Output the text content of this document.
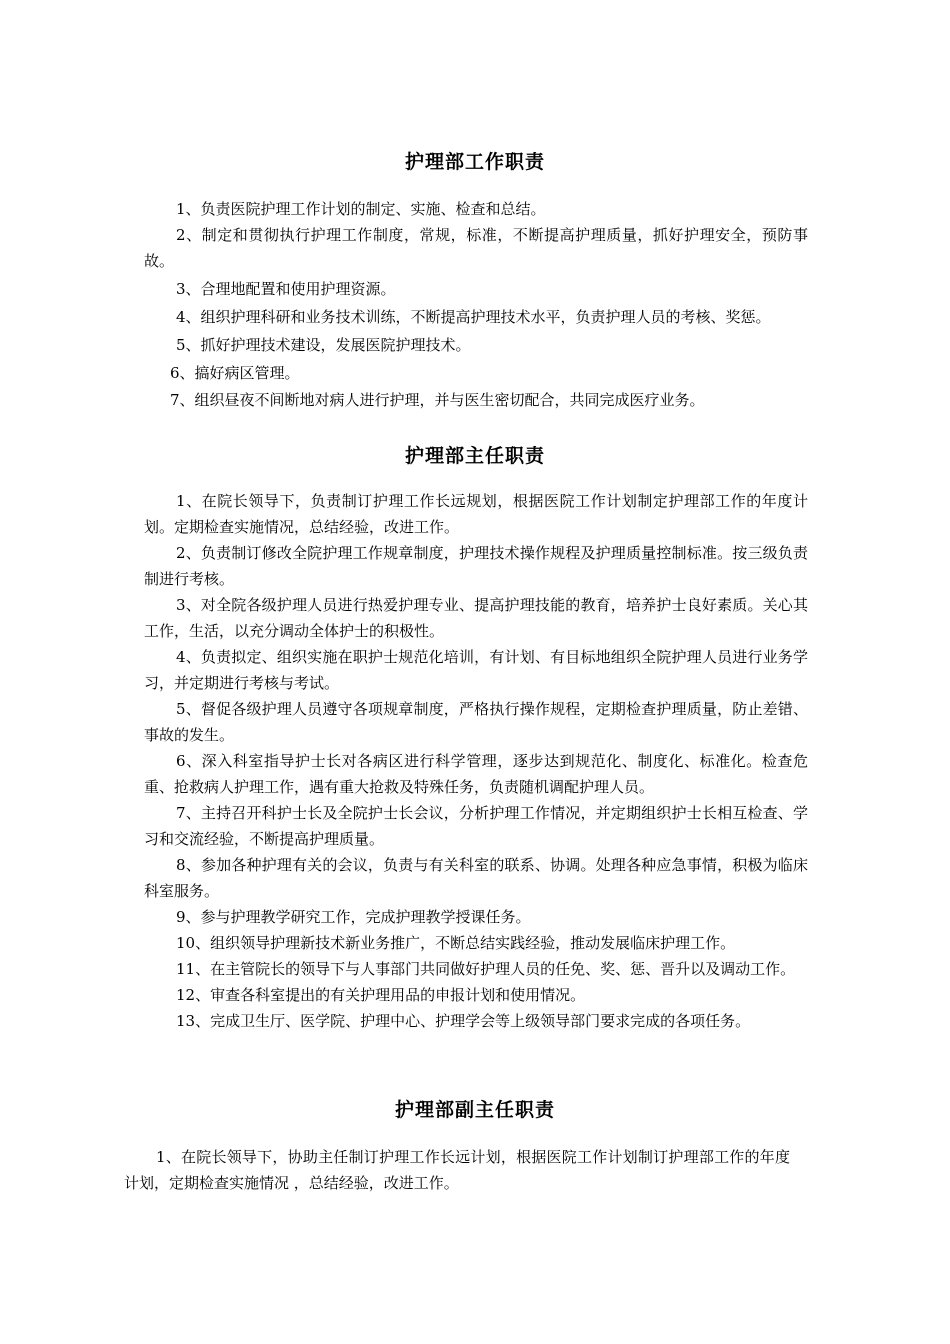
护理部工作职责
1、负责医院护理工作计划的制定、实施、检查和总结。

2、制定和贯彻执行护理工作制度，常规，标准，不断提高护理质量，抓好护理安全，预防事故。

3、合理地配置和使用护理资源。
4、组织护理科研和业务技术训练，不断提高护理技术水平，负责护理人员的考核、奖惩。
5、抓好护理技术建设，发展医院护理技术。
6、搞好病区管理。
7、组织昼夜不间断地对病人进行护理，并与医生密切配合，共同完成医疗业务。
护理部主任职责

1、在院长领导下，负责制订护理工作长远规划，根据医院工作计划制定护理部工作的年度计划。定期检查实施情况，总结经验，改进工作。

2、负责制订修改全院护理工作规章制度，护理技术操作规程及护理质量控制标准。按三级负责制进行考核。

3、对全院各级护理人员进行热爱护理专业、提高护理技能的教育，培养护士良好素质。关心其工作，生活，以充分调动全体护士的积极性。

4、负责拟定、组织实施在职护士规范化培训，有计划、有目标地组织全院护理人员进行业务学习，并定期进行考核与考试。

5、督促各级护理人员遵守各项规章制度，严格执行操作规程，定期检查护理质量，防止差错、事故的发生。

6、深入科室指导护士长对各病区进行科学管理，逐步达到规范化、制度化、标准化。检查危重、抢救病人护理工作，遇有重大抢救及特殊任务，负责随机调配护理人员。

7、主持召开科护士长及全院护士长会议，分析护理工作情况，并定期组织护士长相互检查、学习和交流经验，不断提高护理质量。

8、参加各种护理有关的会议，负责与有关科室的联系、协调。处理各种应急事情，积极为临床科室服务。

9、参与护理教学研究工作，完成护理教学授课任务。

10、组织领导护理新技术新业务推广，不断总结实践经验，推动发展临床护理工作。

11、在主管院长的领导下与人事部门共同做好护理人员的任免、奖、惩、晋升以及调动工作。

12、审查各科室提出的有关护理用品的申报计划和使用情况。

13、完成卫生厅、医学院、护理中心、护理学会等上级领导部门要求完成的各项任务。

护理部副主任职责

1、在院长领导下，协助主任制订护理工作长远计划，根据医院工作计划制订护理部工作的年度计划，定期检查实施情况 ，总结经验，改进工作。
